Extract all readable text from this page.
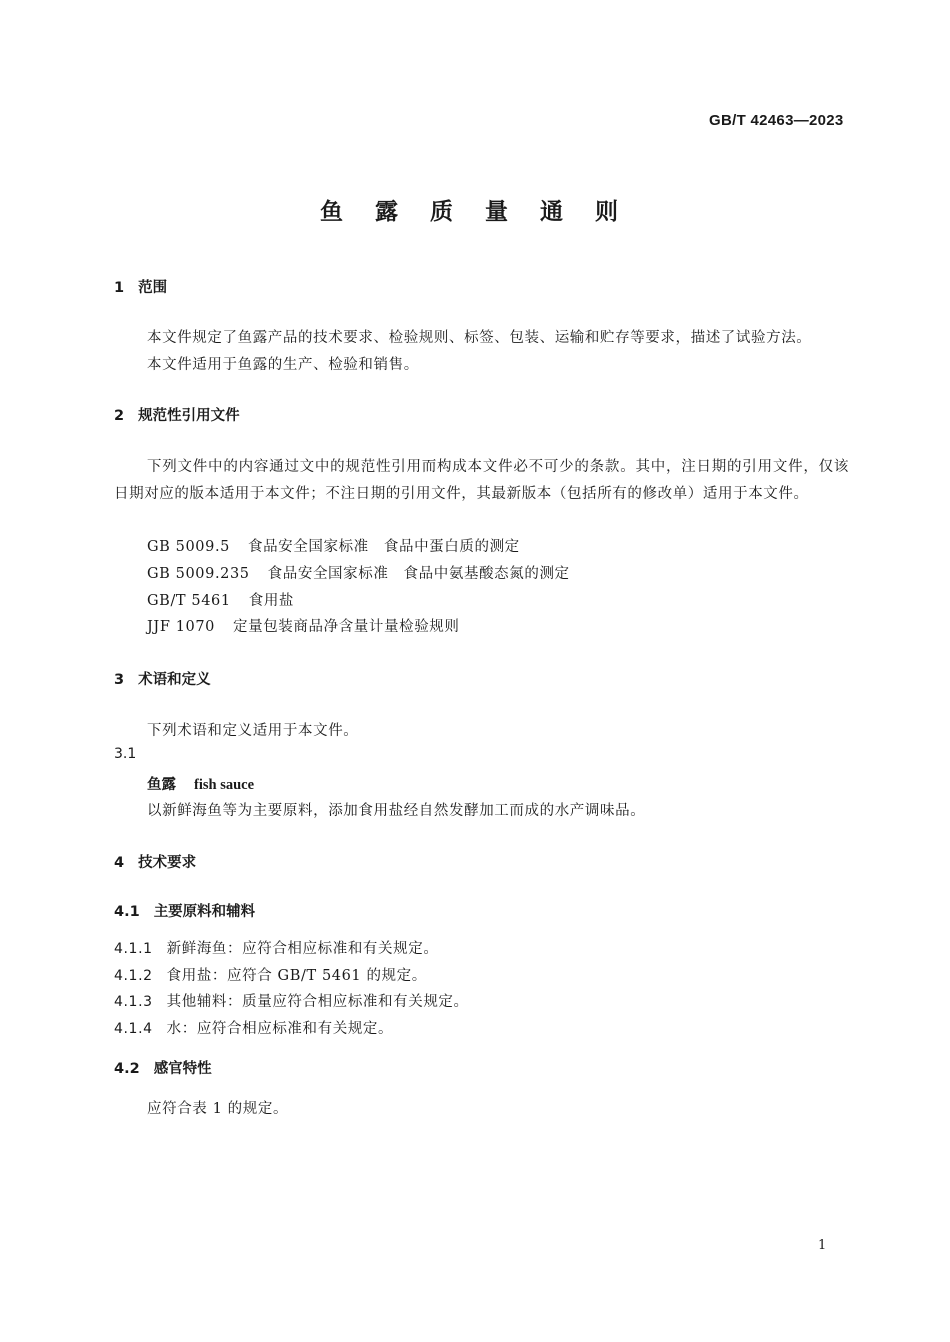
GB/T 42463—2023
鱼 露 质 量 通 则
1 范围
本文件规定了鱼露产品的技术要求、检验规则、标签、包装、运输和贮存等要求，描述了试验方法。
本文件适用于鱼露的生产、检验和销售。
2 规范性引用文件
下列文件中的内容通过文中的规范性引用而构成本文件必不可少的条款。其中，注日期的引用文件，仅该日期对应的版本适用于本文件；不注日期的引用文件，其最新版本（包括所有的修改单）适用于本文件。
GB 5009.5 食品安全国家标准　食品中蛋白质的测定
GB 5009.235 食品安全国家标准　食品中氨基酸态氮的测定
GB/T 5461 食用盐
JJF 1070 定量包装商品净含量计量检验规则
3 术语和定义
下列术语和定义适用于本文件。
3.1
鱼露 fish sauce
以新鲜海鱼等为主要原料，添加食用盐经自然发酵加工而成的水产调味品。
4 技术要求
4.1 主要原料和辅料
4.1.1 新鲜海鱼：应符合相应标准和有关规定。
4.1.2 食用盐：应符合 GB/T 5461 的规定。
4.1.3 其他辅料：质量应符合相应标准和有关规定。
4.1.4 水：应符合相应标准和有关规定。
4.2 感官特性
应符合表 1 的规定。
1
